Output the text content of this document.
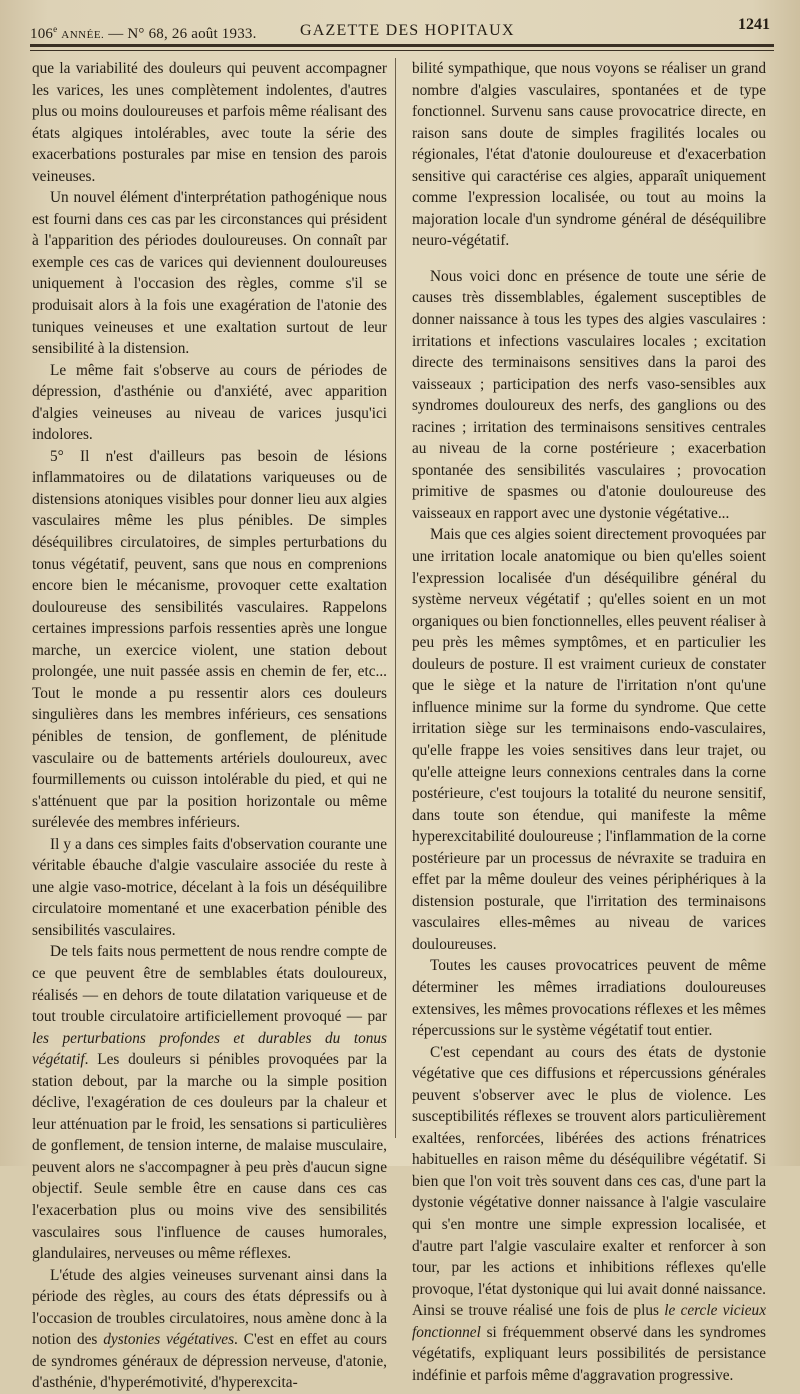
106e ANNÉE. — N° 68, 26 août 1933.	GAZETTE DES HOPITAUX	1241

que la variabilité des douleurs qui peuvent accompagner les varices, les unes complètement indolentes, d'autres plus ou moins douloureuses et parfois même réalisant des états algiques intolérables, avec toute la série des exacerbations posturales par mise en tension des parois veineuses.

Un nouvel élément d'interprétation pathogénique nous est fourni dans ces cas par les circonstances qui président à l'apparition des périodes douloureuses. On connaît par exemple ces cas de varices qui deviennent douloureuses uniquement à l'occasion des règles, comme s'il se produisait alors à la fois une exagération de l'atonie des tuniques veineuses et une exaltation surtout de leur sensibilité à la distension.

Le même fait s'observe au cours de périodes de dépression, d'asthénie ou d'anxiété, avec apparition d'algies veineuses au niveau de varices jusqu'ici indolores.

5° Il n'est d'ailleurs pas besoin de lésions inflammatoires ou de dilatations variqueuses ou de distensions atoniques visibles pour donner lieu aux algies vasculaires même les plus pénibles. De simples déséquilibres circulatoires, de simples perturbations du tonus végétatif, peuvent, sans que nous en comprenions encore bien le mécanisme, provoquer cette exaltation douloureuse des sensibilités vasculaires. Rappelons certaines impressions parfois ressenties après une longue marche, un exercice violent, une station debout prolongée, une nuit passée assis en chemin de fer, etc... Tout le monde a pu ressentir alors ces douleurs singulières dans les membres inférieurs, ces sensations pénibles de tension, de gonflement, de plénitude vasculaire ou de battements artériels douloureux, avec fourmillements ou cuisson intolérable du pied, et qui ne s'atténuent que par la position horizontale ou même surélevée des membres inférieurs.

Il y a dans ces simples faits d'observation courante une véritable ébauche d'algie vasculaire associée du reste à une algie vaso-motrice, décelant à la fois un déséquilibre circulatoire momentané et une exacerbation pénible des sensibilités vasculaires.

De tels faits nous permettent de nous rendre compte de ce que peuvent être de semblables états douloureux, réalisés — en dehors de toute dilatation variqueuse et de tout trouble circulatoire artificiellement provoqué — par les perturbations profondes et durables du tonus végétatif. Les douleurs si pénibles provoquées par la station debout, par la marche ou la simple position déclive, l'exagération de ces douleurs par la chaleur et leur atténuation par le froid, les sensations si particulières de gonflement, de tension interne, de malaise musculaire, peuvent alors ne s'accompagner à peu près d'aucun signe objectif. Seule semble être en cause dans ces cas l'exacerbation plus ou moins vive des sensibilités vasculaires sous l'influence de causes humorales, glandulaires, nerveuses ou même réflexes.

L'étude des algies veineuses survenant ainsi dans la période des règles, au cours des états dépressifs ou à l'occasion de troubles circulatoires, nous amène donc à la notion des dystonies végétatives. C'est en effet au cours de syndromes généraux de dépression nerveuse, d'atonie, d'asthénie, d'hyperémotivité, d'hyperexcita-

bilité sympathique, que nous voyons se réaliser un grand nombre d'algies vasculaires, spontanées et de type fonctionnel. Survenu sans cause provocatrice directe, en raison sans doute de simples fragilités locales ou régionales, l'état d'atonie douloureuse et d'exacerbation sensitive qui caractérise ces algies, apparaît uniquement comme l'expression localisée, ou tout au moins la majoration locale d'un syndrome général de déséquilibre neuro-végétatif.

Nous voici donc en présence de toute une série de causes très dissemblables, également susceptibles de donner naissance à tous les types des algies vasculaires : irritations et infections vasculaires locales ; excitation directe des terminaisons sensitives dans la paroi des vaisseaux ; participation des nerfs vaso-sensibles aux syndromes douloureux des nerfs, des ganglions ou des racines ; irritation des terminaisons sensitives centrales au niveau de la corne postérieure ; exacerbation spontanée des sensibilités vasculaires ; provocation primitive de spasmes ou d'atonie douloureuse des vaisseaux en rapport avec une dystonie végétative...

Mais que ces algies soient directement provoquées par une irritation locale anatomique ou bien qu'elles soient l'expression localisée d'un déséquilibre général du système nerveux végétatif ; qu'elles soient en un mot organiques ou bien fonctionnelles, elles peuvent réaliser à peu près les mêmes symptômes, et en particulier les douleurs de posture. Il est vraiment curieux de constater que le siège et la nature de l'irritation n'ont qu'une influence minime sur la forme du syndrome. Que cette irritation siège sur les terminaisons endo-vasculaires, qu'elle frappe les voies sensitives dans leur trajet, ou qu'elle atteigne leurs connexions centrales dans la corne postérieure, c'est toujours la totalité du neurone sensitif, dans toute son étendue, qui manifeste la même hyperexcitabilité douloureuse ; l'inflammation de la corne postérieure par un processus de névraxite se traduira en effet par la même douleur des veines périphériques à la distension posturale, que l'irritation des terminaisons vasculaires elles-mêmes au niveau de varices douloureuses.

Toutes les causes provocatrices peuvent de même déterminer les mêmes irradiations douloureuses extensives, les mêmes provocations réflexes et les mêmes répercussions sur le système végétatif tout entier.

C'est cependant au cours des états de dystonie végétative que ces diffusions et répercussions générales peuvent s'observer avec le plus de violence. Les susceptibilités réflexes se trouvent alors particulièrement exaltées, renforcées, libérées des actions frénatrices habituelles en raison même du déséquilibre végétatif. Si bien que l'on voit très souvent dans ces cas, d'une part la dystonie végétative donner naissance à l'algie vasculaire qui s'en montre une simple expression localisée, et d'autre part l'algie vasculaire exalter et renforcer à son tour, par les actions et inhibitions réflexes qu'elle provoque, l'état dystonique qui lui avait donné naissance. Ainsi se trouve réalisé une fois de plus le cercle vicieux fonctionnel si fréquemment observé dans les syndromes végétatifs, expliquant leurs possibilités de persistance indéfinie et parfois même d'aggravation progressive.
